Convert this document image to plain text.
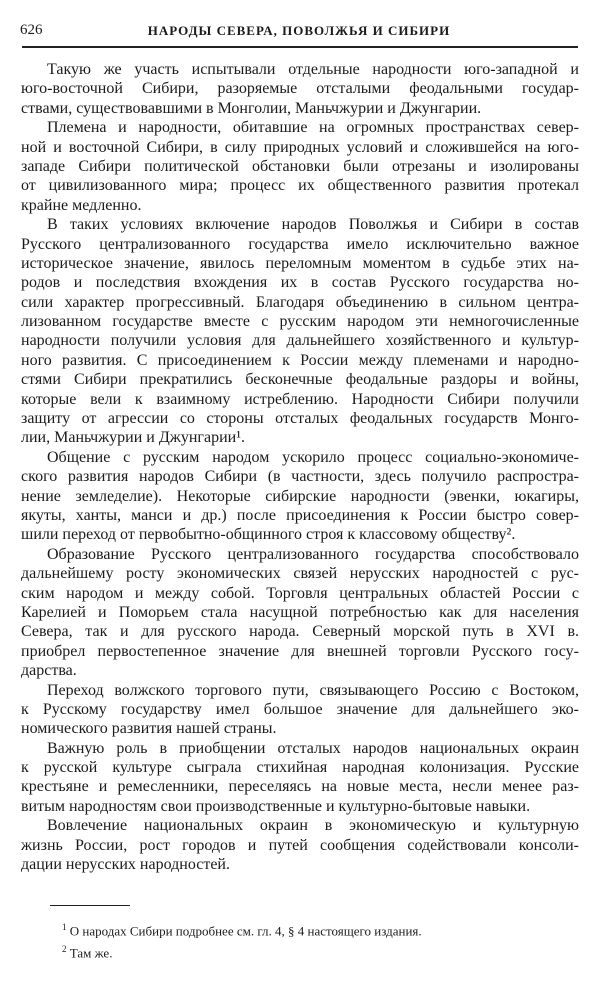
626	НАРОДЫ СЕВЕРА, ПОВОЛЖЬЯ И СИБИРИ
Такую же участь испытывали отдельные народности юго-западной и
юго-восточной Сибири, разоряемые отсталыми феодальными государ-
ствами, существовавшими в Монголии, Маньчжурии и Джунгарии.
Племена и народности, обитавшие на огромных пространствах север-
ной и восточной Сибири, в силу природных условий и сложившейся на юго-
западе Сибири политической обстановки были отрезаны и изолированы
от цивилизованного мира; процесс их общественного развития протекал
крайне медленно.
В таких условиях включение народов Поволжья и Сибири в состав
Русского централизованного государства имело исключительно важное
историческое значение, явилось переломным моментом в судьбе этих на-
родов и последствия вхождения их в состав Русского государства но-
сили характер прогрессивный. Благодаря объединению в сильном центра-
лизованном государстве вместе с русским народом эти немногочисленные
народности получили условия для дальнейшего хозяйственного и культур-
ного развития. С присоединением к России между племенами и народно-
стями Сибири прекратились бесконечные феодальные раздоры и войны,
которые вели к взаимному истреблению. Народности Сибири получили
защиту от агрессии со стороны отсталых феодальных государств Монго-
лии, Маньчжурии и Джунгарии¹.
Общение с русским народом ускорило процесс социально-экономиче-
ского развития народов Сибири (в частности, здесь получило распростра-
нение земледелие). Некоторые сибирские народности (эвенки, юкагиры,
якуты, ханты, манси и др.) после присоединения к России быстро совер-
шили переход от первобытно-общинного строя к классовому обществу².
Образование Русского централизованного государства способствовало
дальнейшему росту экономических связей нерусских народностей с рус-
ским народом и между собой. Торговля центральных областей России с
Карелией и Поморьем стала насущной потребностью как для населения
Севера, так и для русского народа. Северный морской путь в XVI в.
приобрел первостепенное значение для внешней торговли Русского госу-
дарства.
Переход волжского торгового пути, связывающего Россию с Востоком,
к Русскому государству имел большое значение для дальнейшего эко-
номического развития нашей страны.
Важную роль в приобщении отсталых народов национальных окраин
к русской культуре сыграла стихийная народная колонизация. Русские
крестьяне и ремесленники, переселяясь на новые места, несли менее раз-
витым народностям свои производственные и культурно-бытовые навыки.
Вовлечение национальных окраин в экономическую и культурную
жизнь России, рост городов и путей сообщения содействовали консоли-
дации нерусских народностей.
$^1$ О народах Сибири подробнее см. гл. 4, § 4 настоящего издания.
$^2$ Там же.
